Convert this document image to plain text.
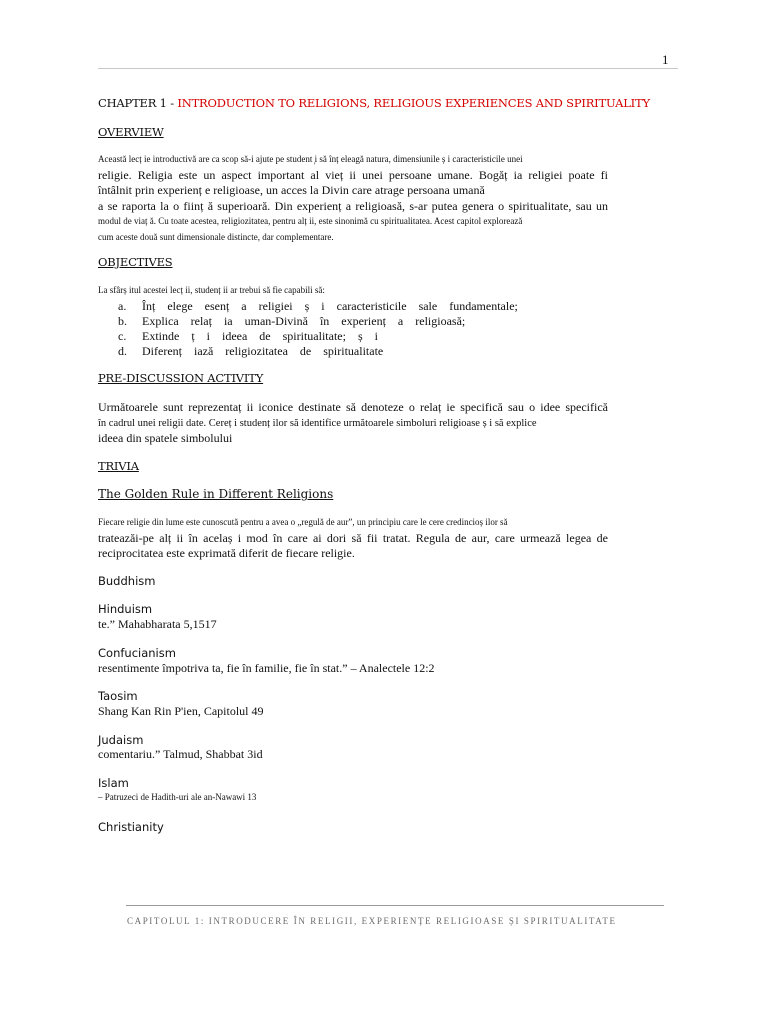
1
CHAPTER 1 - INTRODUCTION TO RELIGIONS, RELIGIOUS EXPERIENCES AND SPIRITUALITY
OVERVIEW
Această lecț ie introductivă are ca scop să-i ajute pe student ̦i să înț eleagă natura, dimensiunile ș i caracteristicile unei
religie. Religia este un aspect important al vieț ii unei persoane umane. Bogăț ia religiei poate fi
întâlnit prin experienț e religioase, un acces la Divin care atrage persoana umană
a se raporta la o ființ ă superioară. Din experienț a religioasă, s-ar putea genera o spiritualitate, sau un
modul de viaț ă. Cu toate acestea, religiozitatea, pentru alț ii, este sinonimă cu spiritualitatea. Acest capitol explorează
cum aceste două sunt dimensionale distincte, dar complementare.
OBJECTIVES
La sfârș itul acestei lecț ii, studenț ii ar trebui să fie capabili să:
a. Înț elege esenț a religiei ș i caracteristicile sale fundamentale;
b. Explica relaț ia uman-Divină în experienț a religioasă;
c. Extinde ț i ideea de spiritualitate; ș i
d. Diferenț iază religiozitatea de spiritualitate
PRE-DISCUSSION ACTIVITY
Următoarele sunt reprezentaț ii iconice destinate să denoteze o relaț ie specifică sau o idee specifică
în cadrul unei religii date. Cereț i studenț ilor să identifice următoarele simboluri religioase ș i să explice
ideea din spatele simbolului
TRIVIA
The Golden Rule in Different Religions
Fiecare religie din lume este cunoscută pentru a avea o „regulă de aur”, un principiu care le cere credincioș ilor să
trateazăi-pe alț ii în acelaș i mod în care ai dori să fii tratat. Regula de aur, care urmează legea de
reciprocitatea este exprimată diferit de fiecare religie.
Buddhism
Hinduism
te.” Mahabharata 5,1517
Confucianism
resentimente împotriva ta, fie în familie, fie în stat.” – Analectele 12:2
Taosim
Shang Kan Rin P'ien, Capitolul 49
Judaism
comentariu.” Talmud, Shabbat 3id
Islam
– Patruzeci de Hadith-uri ale an-Nawawi 13
Christianity
CAPITOLUL 1: INTRODUCERE ÎN RELIGII, EXPERIENȚE RELIGIOASE ȘI SPIRITUALITATE
